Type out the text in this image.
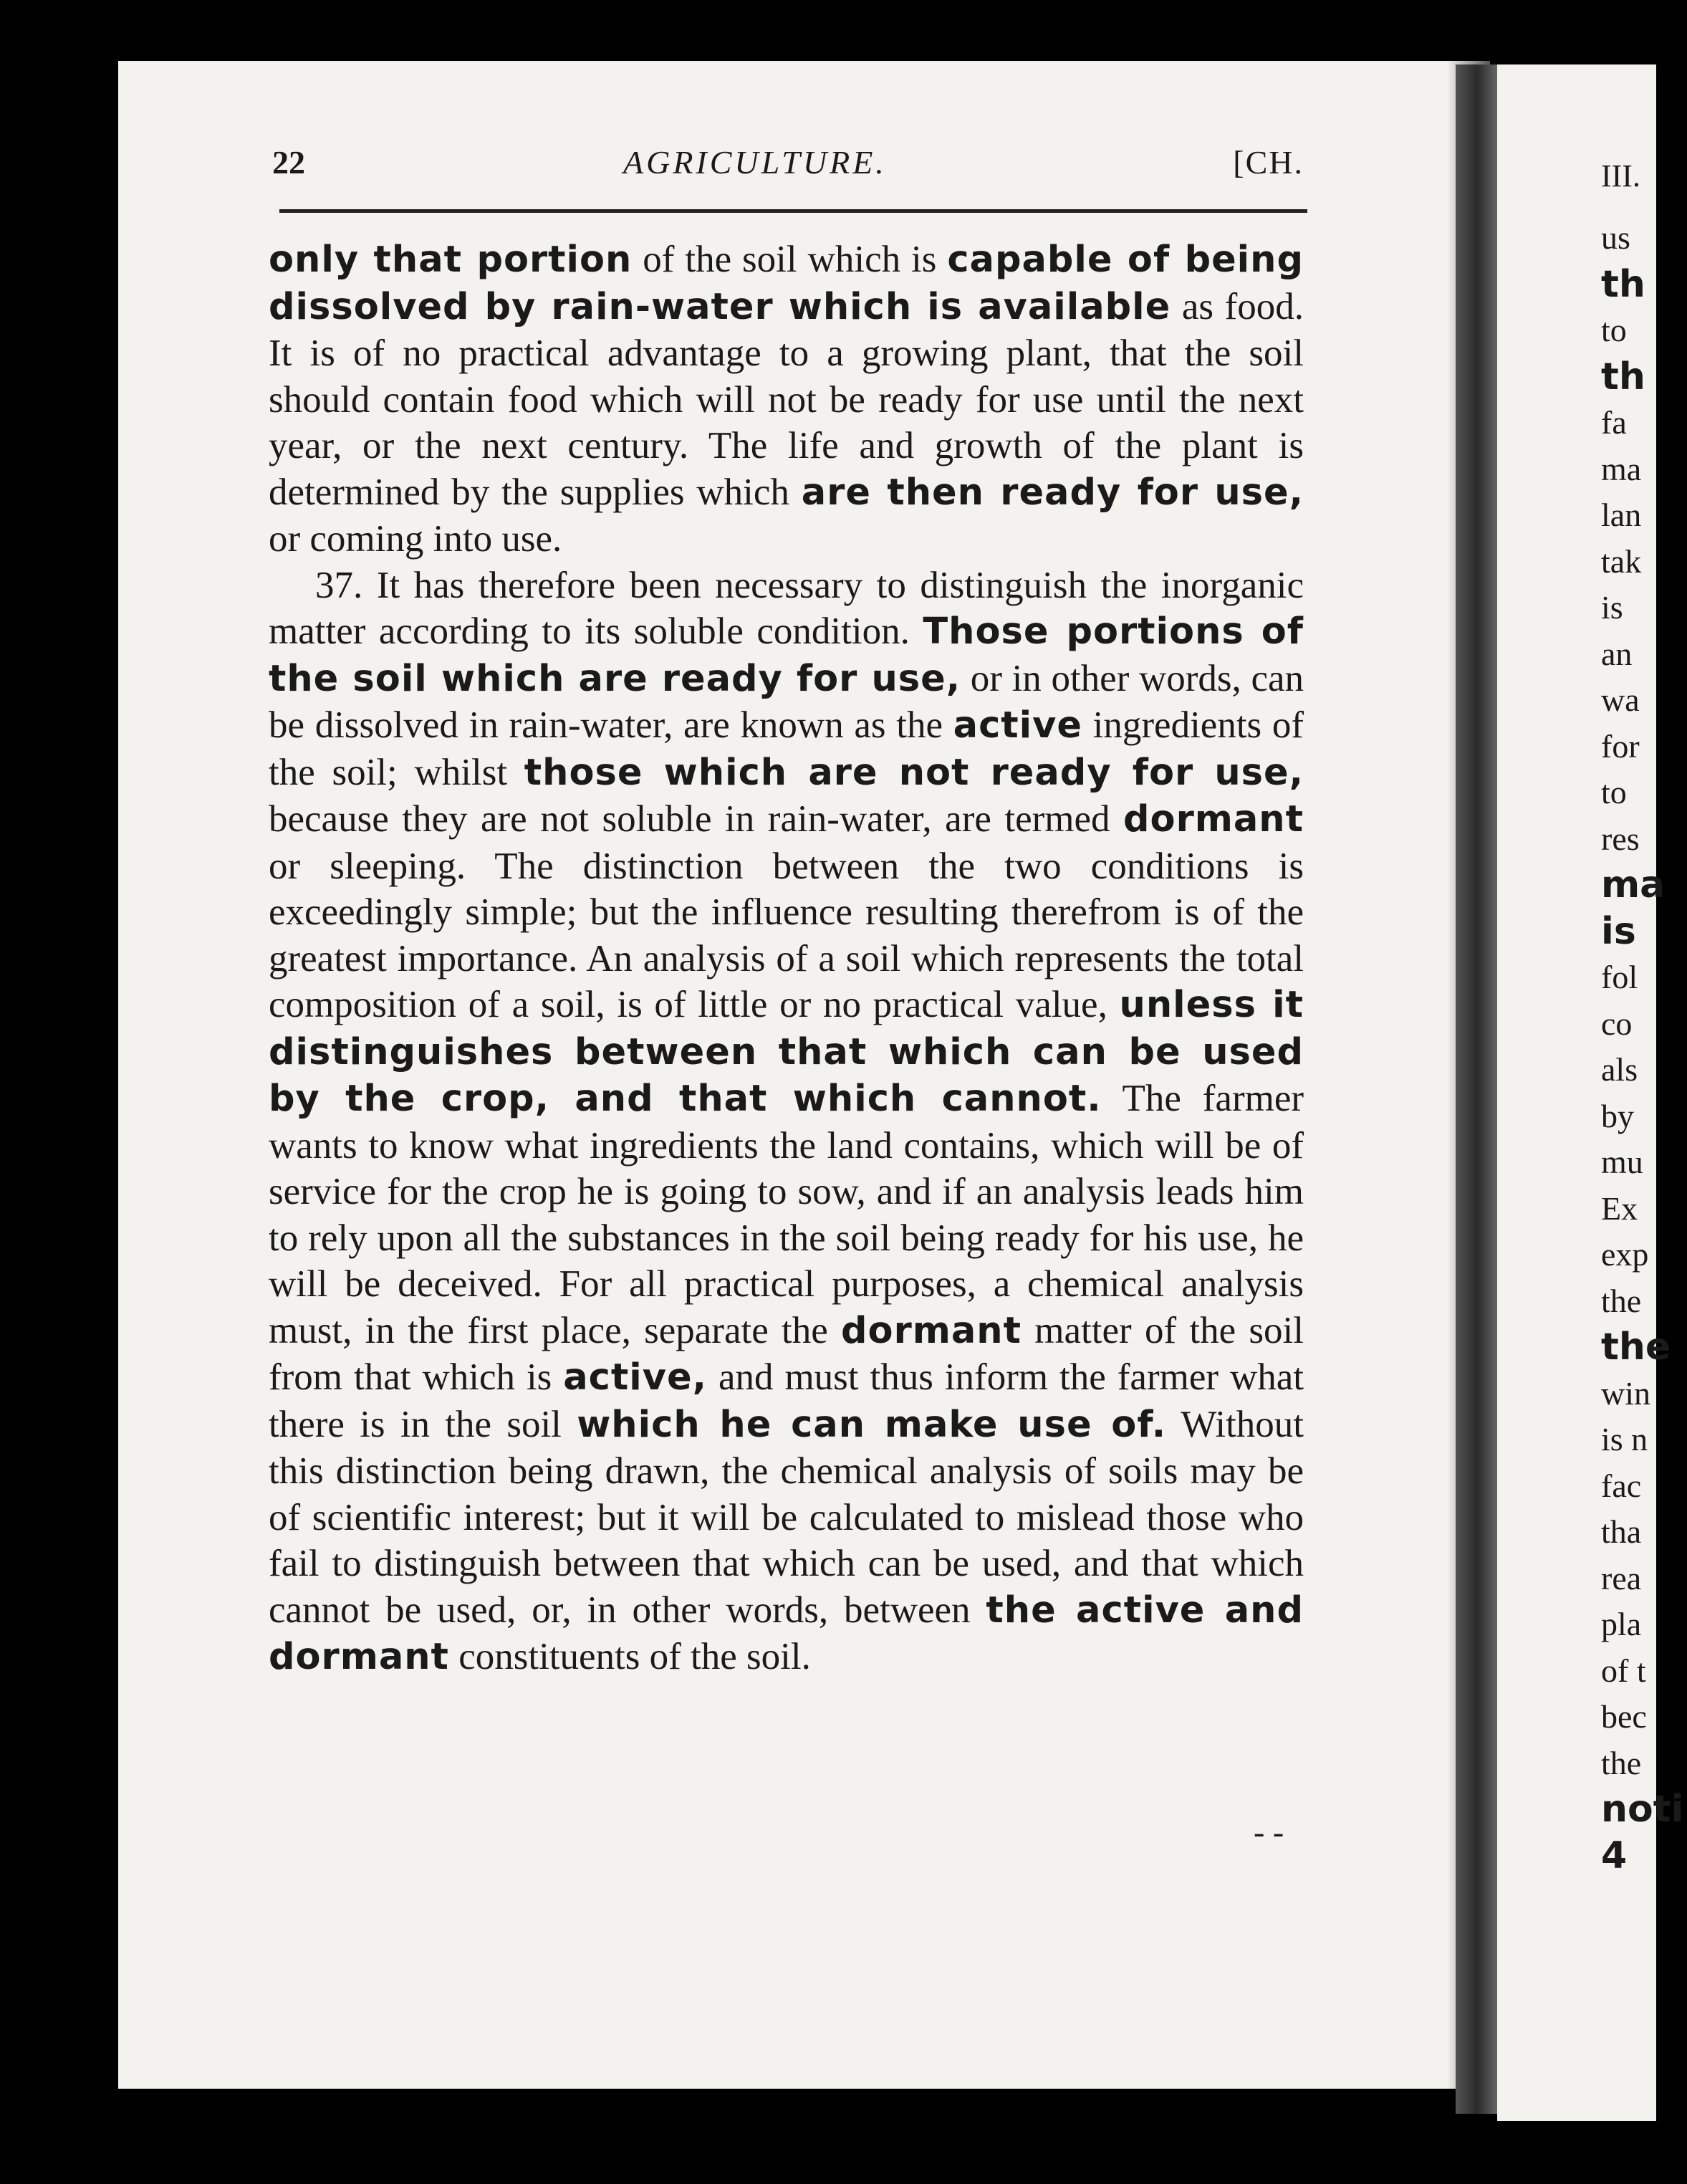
22	AGRICULTURE.	[CH.

only that portion of the soil which is capable of being dissolved by rain-water which is available as food. It is of no practical advantage to a growing plant, that the soil should contain food which will not be ready for use until the next year, or the next century. The life and growth of the plant is determined by the supplies which are then ready for use, or coming into use.

37. It has therefore been necessary to distinguish the inorganic matter according to its soluble condition. Those portions of the soil which are ready for use, or in other words, can be dissolved in rain-water, are known as the active ingredients of the soil; whilst those which are not ready for use, because they are not soluble in rain-water, are termed dormant or sleeping. The distinction between the two conditions is exceedingly simple; but the influence resulting therefrom is of the greatest importance. An analysis of a soil which represents the total composition of a soil, is of little or no practical value, unless it distinguishes between that which can be used by the crop, and that which cannot. The farmer wants to know what ingredients the land contains, which will be of service for the crop he is going to sow, and if an analysis leads him to rely upon all the substances in the soil being ready for his use, he will be deceived. For all practical purposes, a chemical analysis must, in the first place, separate the dormant matter of the soil from that which is active, and must thus inform the farmer what there is in the soil which he can make use of. Without this distinction being drawn, the chemical analysis of soils may be of scientific interest; but it will be calculated to mislead those who fail to distinguish between that which can be used, and that which cannot be used, or, in other words, between the active and dormant constituents of the soil.

- -
III.
us
th
to
th
fa
ma
lan
tak
is
an
wa
for
to
res
ma
is
fol
co
als
by
mu
Ex
exp
the
the
win
is n
fac
tha
rea
pla
of t
bec
the
noti
4
